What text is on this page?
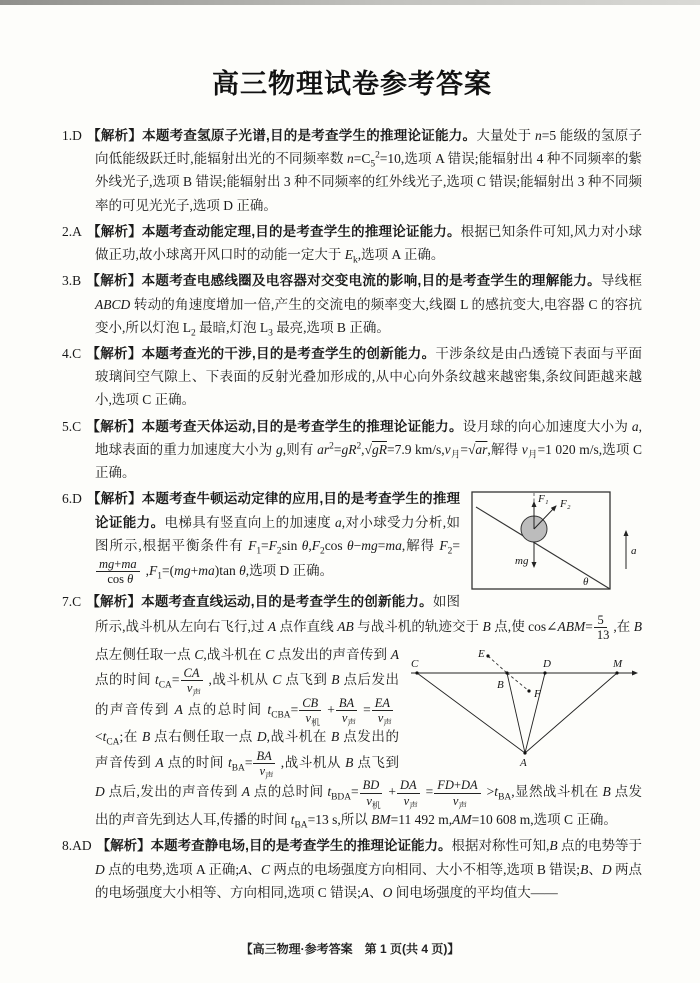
高三物理试卷参考答案
1.D 【解析】本题考查氢原子光谱,目的是考查学生的推理论证能力。大量处于 n=5 能级的氢原子向低能级跃迁时,能辐射出光的不同频率数 $n=C_5^2=10$,选项 A 错误;能辐射出 4 种不同频率的紫外线光子,选项 B 错误;能辐射出 3 种不同频率的红外线光子,选项 C 错误;能辐射出 3 种不同频率的可见光光子,选项 D 正确。
2.A 【解析】本题考查动能定理,目的是考查学生的推理论证能力。根据已知条件可知,风力对小球做正功,故小球离开风口时的动能一定大于 $E_k$,选项 A 正确。
3.B 【解析】本题考查电感线圈及电容器对交变电流的影响,目的是考查学生的理解能力。导线框 ABCD 转动的角速度增加一倍,产生的交流电的频率变大,线圈 L 的感抗变大,电容器 C 的容抗变小,所以灯泡 $L_2$ 最暗,灯泡 $L_3$ 最亮,选项 B 正确。
4.C 【解析】本题考查光的干涉,目的是考查学生的创新能力。干涉条纹是由凸透镜下表面与平面玻璃间空气隙上、下表面的反射光叠加形成的,从中心向外条纹越来越密集,条纹间距越来越小,选项 C 正确。
5.C 【解析】本题考查天体运动,目的是考查学生的推理论证能力。设月球的向心加速度大小为 a,地球表面的重力加速度大小为 g,则有 $ar^2=gR^2,√gR=7.9$ $km/s,v_月=√ar$,解得 $v_月=1$ 020 m/s,选项 C 正确。
F₁ F₂
mg
θ
a
6.D 【解析】本题考查牛顿运动定律的应用,目的是考查学生的推理论证能力。电梯具有竖直向上的加速度 a,对小球受力分析,如图所示,根据平衡条件有 $F_1=F_2\sin$ $\theta,F_2\cos$ θ−mg=ma,解得 $F_2=$
$\frac{mg+ma}{\text{cos θ}} ,F_1=(mg+ma)\tan$ θ,选项 D 正确。
7.C 【解析】本题考查直线运动,目的是考查学生的创新能力。如图所示,战斗机从左向右飞行,过 A 点作直线 AB 与战斗机的轨迹交于 B 点,使 cos∠ABM= $\frac{5}{13}$ ,在 B 点左侧任取一点
C
E
B
F
D	M
A
C,战斗机在 C 点发出的声音传到 A 点的时间 $t_{CA}= \frac{CA}{v_声}$ ,战斗机从 C 点飞到 B 点后发出的声音传到 A 点的总时间 $t_{CBA}= \frac{CB}{v_机} + \frac{BA}{v_声} = \frac{EA}{v_声}$
$<t_{CA}$;在 B 点右侧任取一点 D,战斗机在 B 点发出的声音传到 A 点的时间 $t_{BA}= \frac{BA}{v_声}$ ,战斗机从 B 点飞到 D 点后,发出的声音传到 A 点的总时间 $t_{BDA}= \frac{BD}{v_机} + \frac{DA}{v_声} = \frac{FD+DA}{v_声} >t_{BA}$,显然战斗机在 B 点发出的声音先到达人耳,传播的时间 $t_{BA}=13$ s,所以 BM=11 492 m,AM=10 608 m,选项 C 正确。
8.AD 【解析】本题考查静电场,目的是考查学生的推理论证能力。根据对称性可知,B 点的电势等于 D 点的电势,选项 A 正确;A、C 两点的电场强度方向相同、大小不相等,选项 B 错误;B、D 两点的电场强度大小相等、方向相同,选项 C 错误;A、O 间电场强度的平均值大——
【高三物理·参考答案　第 1 页(共 4 页)】
